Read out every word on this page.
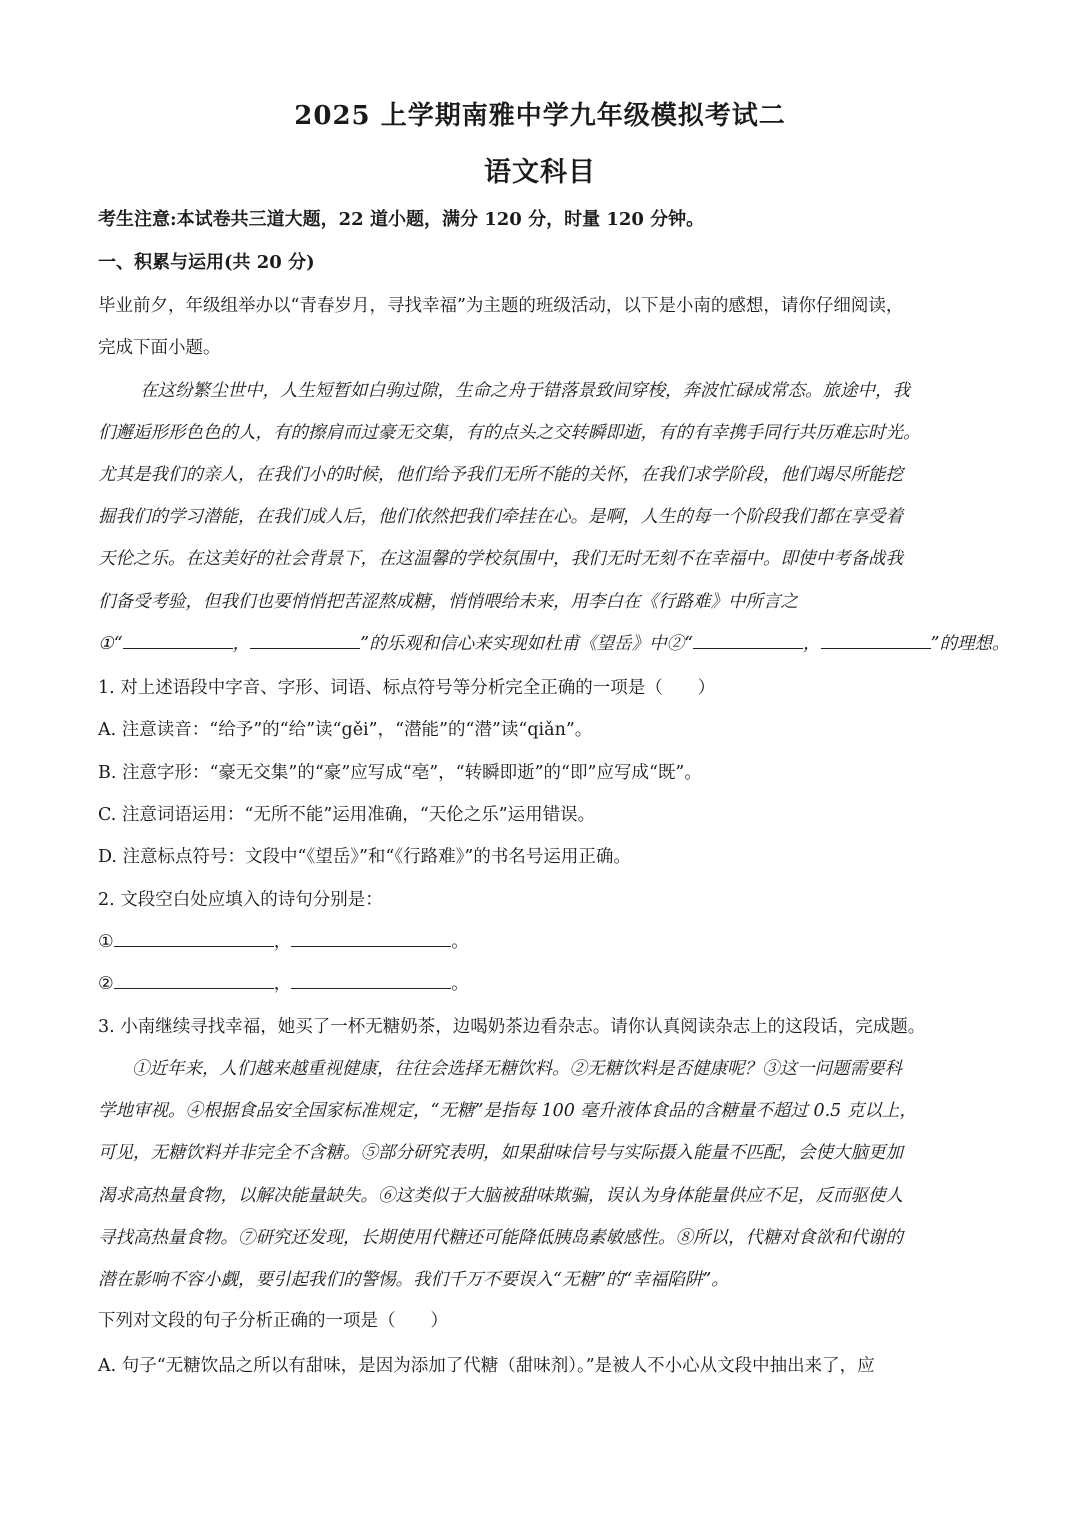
2025 上学期南雅中学九年级模拟考试二
语文科目
考生注意:本试卷共三道大题，22 道小题，满分 120 分，时量 120 分钟。
一、积累与运用(共 20 分)
毕业前夕，年级组举办以“青春岁月，寻找幸福”为主题的班级活动，以下是小南的感想，请你仔细阅读，
完成下面小题。
在这纷繁尘世中，人生短暂如白驹过隙，生命之舟于错落景致间穿梭，奔波忙碌成常态。旅途中，我
们邂逅形形色色的人，有的擦肩而过豪无交集，有的点头之交转瞬即逝，有的有幸携手同行共历难忘时光。
尤其是我们的亲人，在我们小的时候，他们给予我们无所不能的关怀，在我们求学阶段，他们竭尽所能挖
掘我们的学习潜能，在我们成人后，他们依然把我们牵挂在心。是啊，人生的每一个阶段我们都在享受着
天伦之乐。在这美好的社会背景下，在这温馨的学校氛围中，我们无时无刻不在幸福中。即使中考备战我
们备受考验，但我们也要悄悄把苦涩熬成糖，悄悄喂给未来，用李白在《行路难》中所言之
①“	，	”的乐观和信心来实现如杜甫《望岳》中②“	，	”的理想。
1. 对上述语段中字音、字形、词语、标点符号等分析完全正确的一项是（　　）
A. 注意读音：“给予”的“给”读“gěi”，“潜能”的“潜”读“qiǎn”。
B. 注意字形：“豪无交集”的“豪”应写成“亳”，“转瞬即逝”的“即”应写成“既”。
C. 注意词语运用：“无所不能”运用准确，“天伦之乐”运用错误。
D. 注意标点符号：文段中“《望岳》”和“《行路难》”的书名号运用正确。
2. 文段空白处应填入的诗句分别是：
①	，	。
②	，	。
3. 小南继续寻找幸福，她买了一杯无糖奶茶，边喝奶茶边看杂志。请你认真阅读杂志上的这段话，完成题。
①近年来，人们越来越重视健康，往往会选择无糖饮料。②无糖饮料是否健康呢？③这一问题需要科
学地审视。④根据食品安全国家标准规定，“无糖”是指每 100 毫升液体食品的含糖量不超过 0.5 克以上，
可见，无糖饮料并非完全不含糖。⑤部分研究表明，如果甜味信号与实际摄入能量不匹配，会使大脑更加
渴求高热量食物，以解决能量缺失。⑥这类似于大脑被甜味欺骗，误认为身体能量供应不足，反而驱使人
寻找高热量食物。⑦研究还发现，长期使用代糖还可能降低胰岛素敏感性。⑧所以，代糖对食欲和代谢的
潜在影响不容小觑，要引起我们的警惕。我们千万不要误入“无糖”的“幸福陷阱”。
下列对文段的句子分析正确的一项是（　　）
A. 句子“无糖饮品之所以有甜味，是因为添加了代糖（甜味剂）。”是被人不小心从文段中抽出来了，应
